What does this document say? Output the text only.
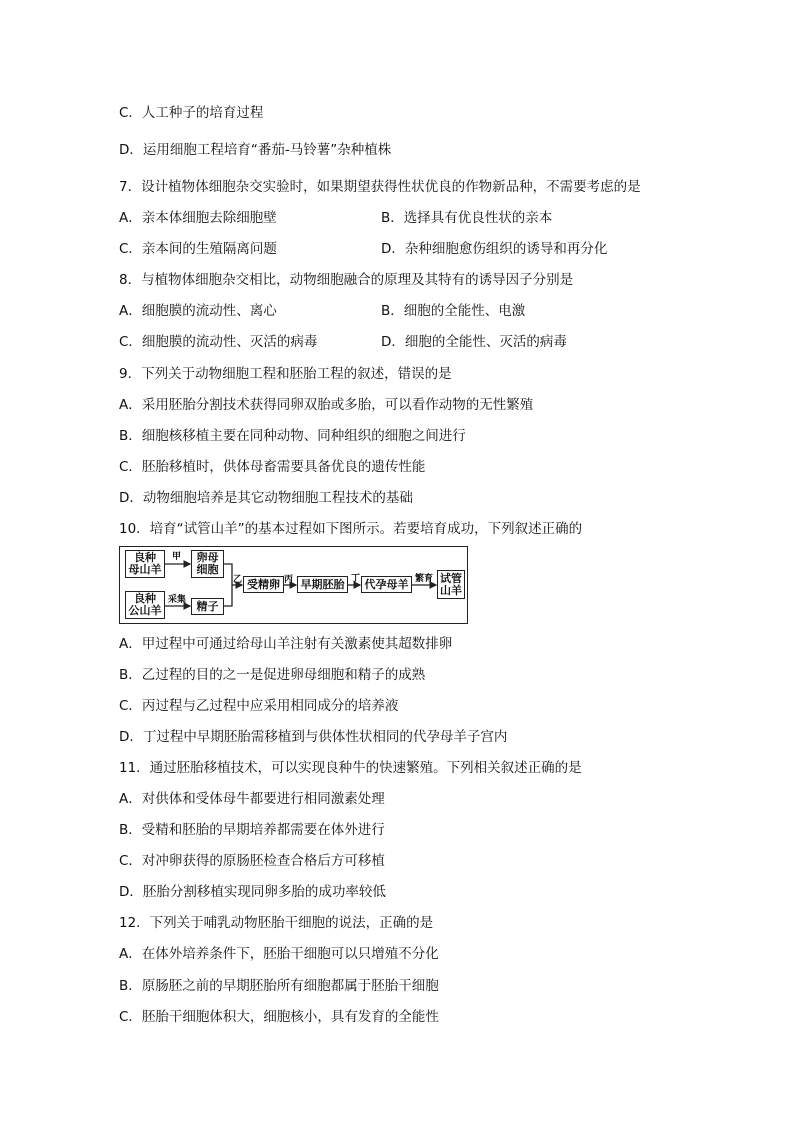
良种
母山羊
良种
公山羊
卵母
细胞
精子
受精卵 早期胚胎 代孕母羊	试管
山羊
甲
采集
乙	丙	丁	繁育
C．人工种子的培育过程
D．运用细胞工程培育“番茄-马铃薯”杂种植株
7．设计植物体细胞杂交实验时，如果期望获得性状优良的作物新品种，不需要考虑的是
A．亲本体细胞去除细胞壁	B．选择具有优良性状的亲本
C．亲本间的生殖隔离问题	D．杂种细胞愈伤组织的诱导和再分化
8．与植物体细胞杂交相比，动物细胞融合的原理及其特有的诱导因子分别是
A．细胞膜的流动性、离心	B．细胞的全能性、电激
C．细胞膜的流动性、灭活的病毒	D．细胞的全能性、灭活的病毒
9．下列关于动物细胞工程和胚胎工程的叙述，错误的是
A．采用胚胎分割技术获得同卵双胎或多胎，可以看作动物的无性繁殖
B．细胞核移植主要在同种动物、同种组织的细胞之间进行
C．胚胎移植时，供体母畜需要具备优良的遗传性能
D．动物细胞培养是其它动物细胞工程技术的基础
10．培育“试管山羊”的基本过程如下图所示。若要培育成功，下列叙述正确的
A．甲过程中可通过给母山羊注射有关激素使其超数排卵
B．乙过程的目的之一是促进卵母细胞和精子的成熟
C．丙过程与乙过程中应采用相同成分的培养液
D．丁过程中早期胚胎需移植到与供体性状相同的代孕母羊子宫内
11．通过胚胎移植技术，可以实现良种牛的快速繁殖。下列相关叙述正确的是
A．对供体和受体母牛都要进行相同激素处理
B．受精和胚胎的早期培养都需要在体外进行
C．对冲卵获得的原肠胚检查合格后方可移植
D．胚胎分割移植实现同卵多胎的成功率较低
12．下列关于哺乳动物胚胎干细胞的说法，正确的是
A．在体外培养条件下，胚胎干细胞可以只增殖不分化
B．原肠胚之前的早期胚胎所有细胞都属于胚胎干细胞
C．胚胎干细胞体积大，细胞核小，具有发育的全能性
